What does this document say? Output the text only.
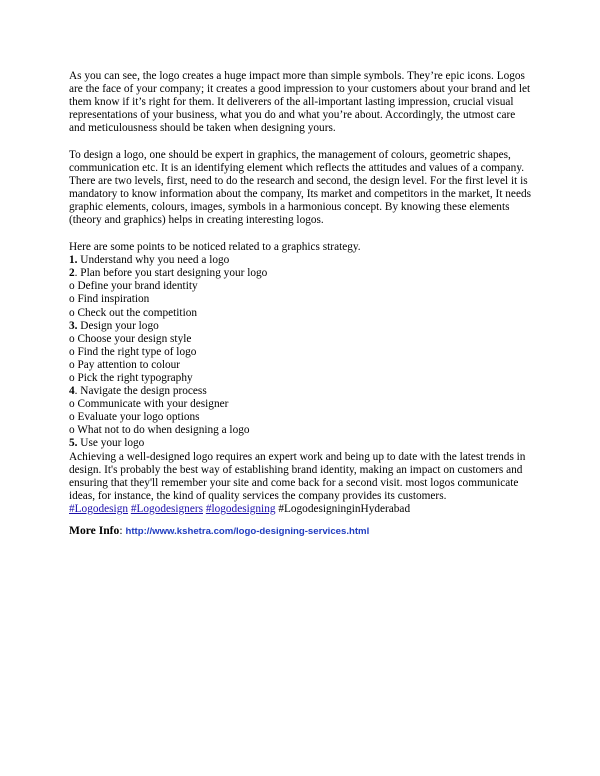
As you can see, the logo creates a huge impact more than simple symbols. They’re epic icons. Logos are the face of your company; it creates a good impression to your customers about your brand and let them know if it’s right for them. It deliverers of the all-important lasting impression, crucial visual representations of your business, what you do and what you’re about. Accordingly, the utmost care and meticulousness should be taken when designing yours.

To design a logo, one should be expert in graphics, the management of colours, geometric shapes, communication etc. It is an identifying element which reflects the attitudes and values of a company. There are two levels, first, need to do the research and second, the design level. For the first level it is mandatory to know information about the company, Its market and competitors in the market, It needs graphic elements, colours, images, symbols in a harmonious concept. By knowing these elements (theory and graphics) helps in creating interesting logos.

Here are some points to be noticed related to a graphics strategy.

1. Understand why you need a logo
2. Plan before you start designing your logo
o Define your brand identity
o Find inspiration
o Check out the competition
3. Design your logo
o Choose your design style
o Find the right type of logo
o Pay attention to colour
o Pick the right typography
4. Navigate the design process
o Communicate with your designer
o Evaluate your logo options
o What not to do when designing a logo
5. Use your logo

Achieving a well-designed logo requires an expert work and being up to date with the latest trends in design. It's probably the best way of establishing brand identity, making an impact on customers and ensuring that they'll remember your site and come back for a second visit. most logos communicate ideas, for instance, the kind of quality services the company provides its customers.

#Logodesign #Logodesigners #logodesigning #LogodesigninginHyderabad

More Info: http://www.kshetra.com/logo-designing-services.html
